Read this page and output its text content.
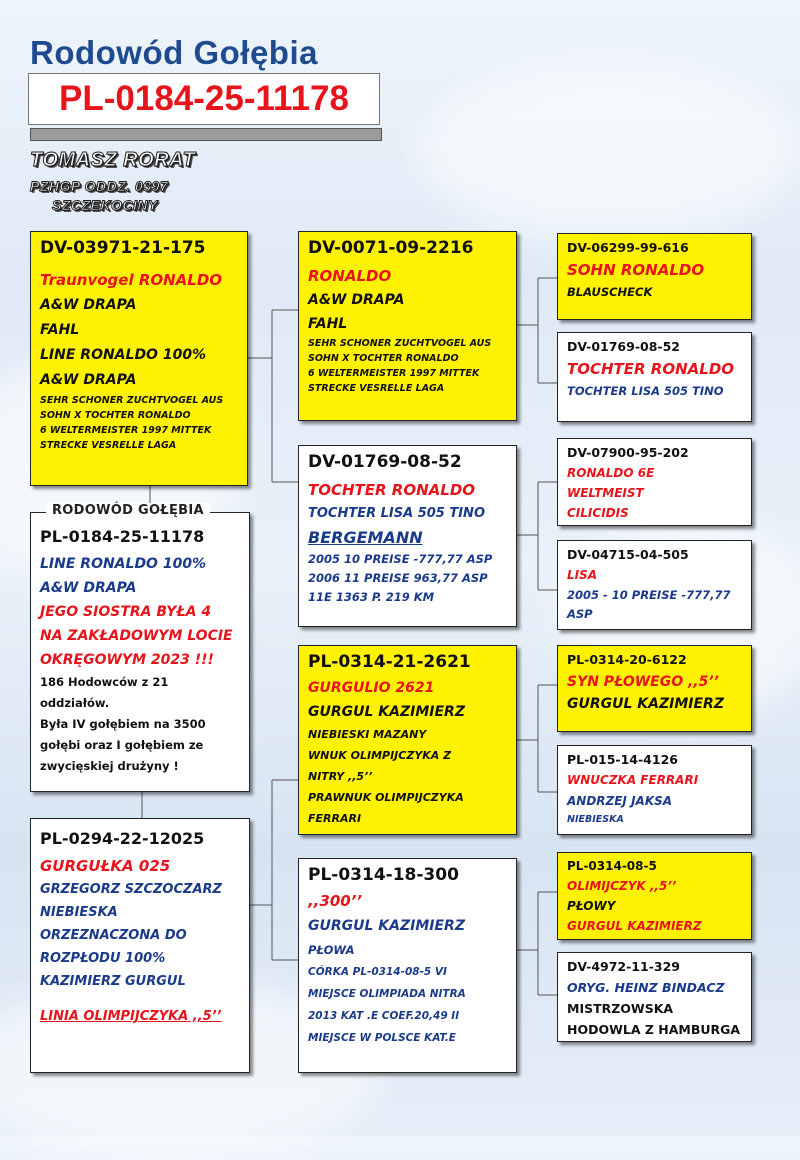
Rodowód Gołębia
PL-0184-25-11178

TOMASZ RORAT

PZHGP ODDZ. 0397

SZCZEKOCINY

DV-03971-21-175

Traunvogel RONALDO

A&W DRAPA

FAHL

LINE RONALDO 100%

A&W DRAPA

SEHR SCHONER ZUCHTVOGEL AUS

SOHN X TOCHTER RONALDO

6 WELTERMEISTER 1997 MITTEK

STRECKE VESRELLE LAGA

DV-0071-09-2216

RONALDO

A&W DRAPA

FAHL

SEHR SCHONER ZUCHTVOGEL AUS

SOHN X TOCHTER RONALDO

6 WELTERMEISTER 1997 MITTEK

STRECKE VESRELLE LAGA

DV-06299-99-616

SOHN RONALDO

BLAUSCHECK

DV-01769-08-52

TOCHTER RONALDO

TOCHTER LISA 505 TINO

DV-01769-08-52

TOCHTER RONALDO

TOCHTER LISA 505 TINO

BERGEMANN

2005 10 PREISE -777,77 ASP

2006 11 PREISE 963,77 ASP

11E 1363 P. 219 KM

DV-07900-95-202

RONALDO 6E

WELTMEIST

CILICIDIS

DV-04715-04-505

LISA

2005 - 10 PREISE -777,77

ASP

PL-0184-25-11178

LINE RONALDO 100%

A&W DRAPA

JEGO SIOSTRA BYŁA 4

NA ZAKŁADOWYM LOCIE

OKRĘGOWYM 2023 !!!

186 Hodowców z 21

oddziałów.

Była IV gołębiem na 3500

gołębi oraz I gołębiem ze

zwycięskiej drużyny !

RODOWÓD GOŁĘBIA

PL-0294-22-12025

GURGUŁKA 025

GRZEGORZ SZCZOCZARZ

NIEBIESKA

ORZEZNACZONA DO

ROZPŁODU 100%

KAZIMIERZ GURGUL

LINIA OLIMPIJCZYKA ,,5’’

PL-0314-21-2621

GURGULIO 2621

GURGUL KAZIMIERZ

NIEBIESKI MAZANY

WNUK OLIMPIJCZYKA Z

NITRY ,,5’’

PRAWNUK OLIMPIJCZYKA

FERRARI

PL-0314-20-6122

SYN PŁOWEGO ,,5’’

GURGUL KAZIMIERZ

PL-015-14-4126

WNUCZKA FERRARI

ANDRZEJ JAKSA

NIEBIESKA

PL-0314-18-300

,,300’’

GURGUL KAZIMIERZ

PŁOWA

CÓRKA PL-0314-08-5 VI

MIEJSCE OLIMPIADA NITRA

2013 KAT .E COEF.20,49 II

MIEJSCE W POLSCE KAT.E

PL-0314-08-5

OLIMIJCZYK ,,5’’

PŁOWY

GURGUL KAZIMIERZ

DV-4972-11-329

ORYG. HEINZ BINDACZ

MISTRZOWSKA

HODOWLA Z HAMBURGA
